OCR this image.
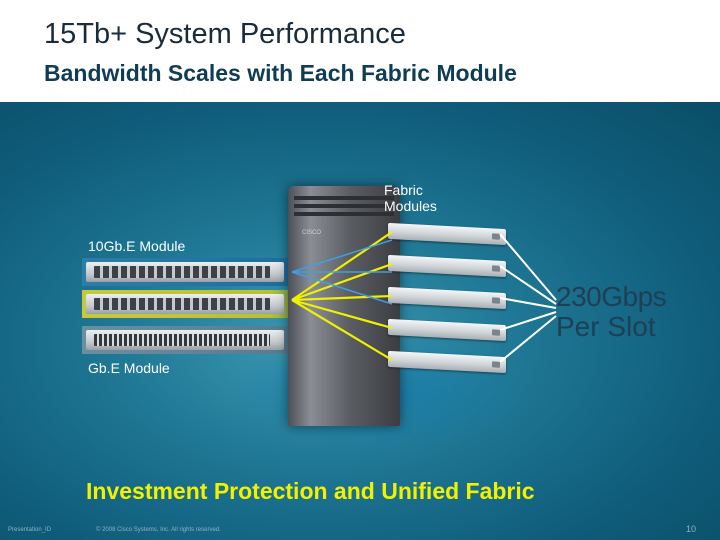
15Tb+ System Performance
Bandwidth Scales with Each Fabric Module
CISCO
Fabric
Modules
10Gb.E Module
Gb.E Module
230Gbps
Per Slot
Investment Protection and Unified Fabric
Presentation_ID	© 2008 Cisco Systems, Inc. All rights reserved.	10
